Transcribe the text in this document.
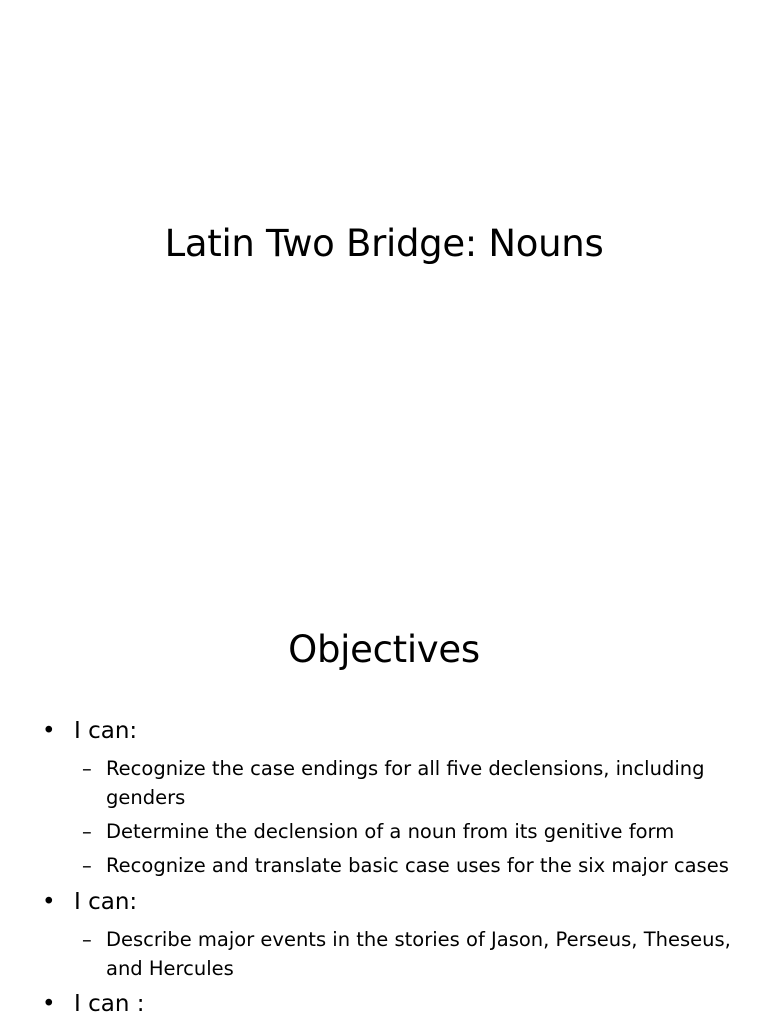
Latin Two Bridge: Nouns
Objectives
• I can:
– Recognize the case endings for all five declensions, including genders
– Determine the declension of a noun from its genitive form
– Recognize and translate basic case uses for the six major cases
• I can:
– Describe major events in the stories of Jason, Perseus, Theseus, and Hercules
• I can :
